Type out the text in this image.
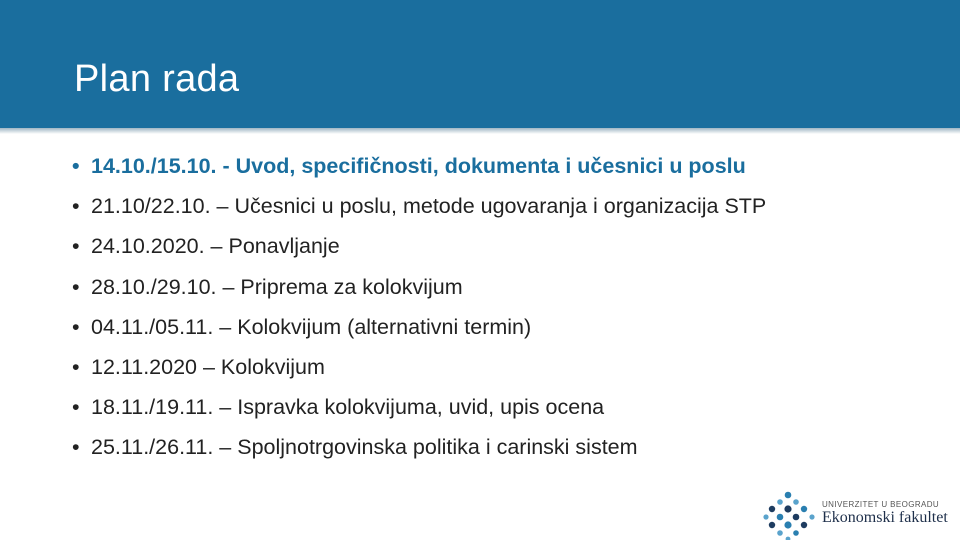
Plan rada
• 14.10./15.10. - Uvod, specifičnosti, dokumenta i učesnici u poslu
• 21.10/22.10. – Učesnici u poslu, metode ugovaranja i organizacija STP
• 24.10.2020. – Ponavljanje
• 28.10./29.10. – Priprema za kolokvijum
• 04.11./05.11. – Kolokvijum (alternativni termin)
• 12.11.2020 – Kolokvijum
• 18.11./19.11. – Ispravka kolokvijuma, uvid, upis ocena
• 25.11./26.11. – Spoljnotrgovinska politika i carinski sistem
UNIVERZITET U BEOGRADU
Ekonomski fakultet
